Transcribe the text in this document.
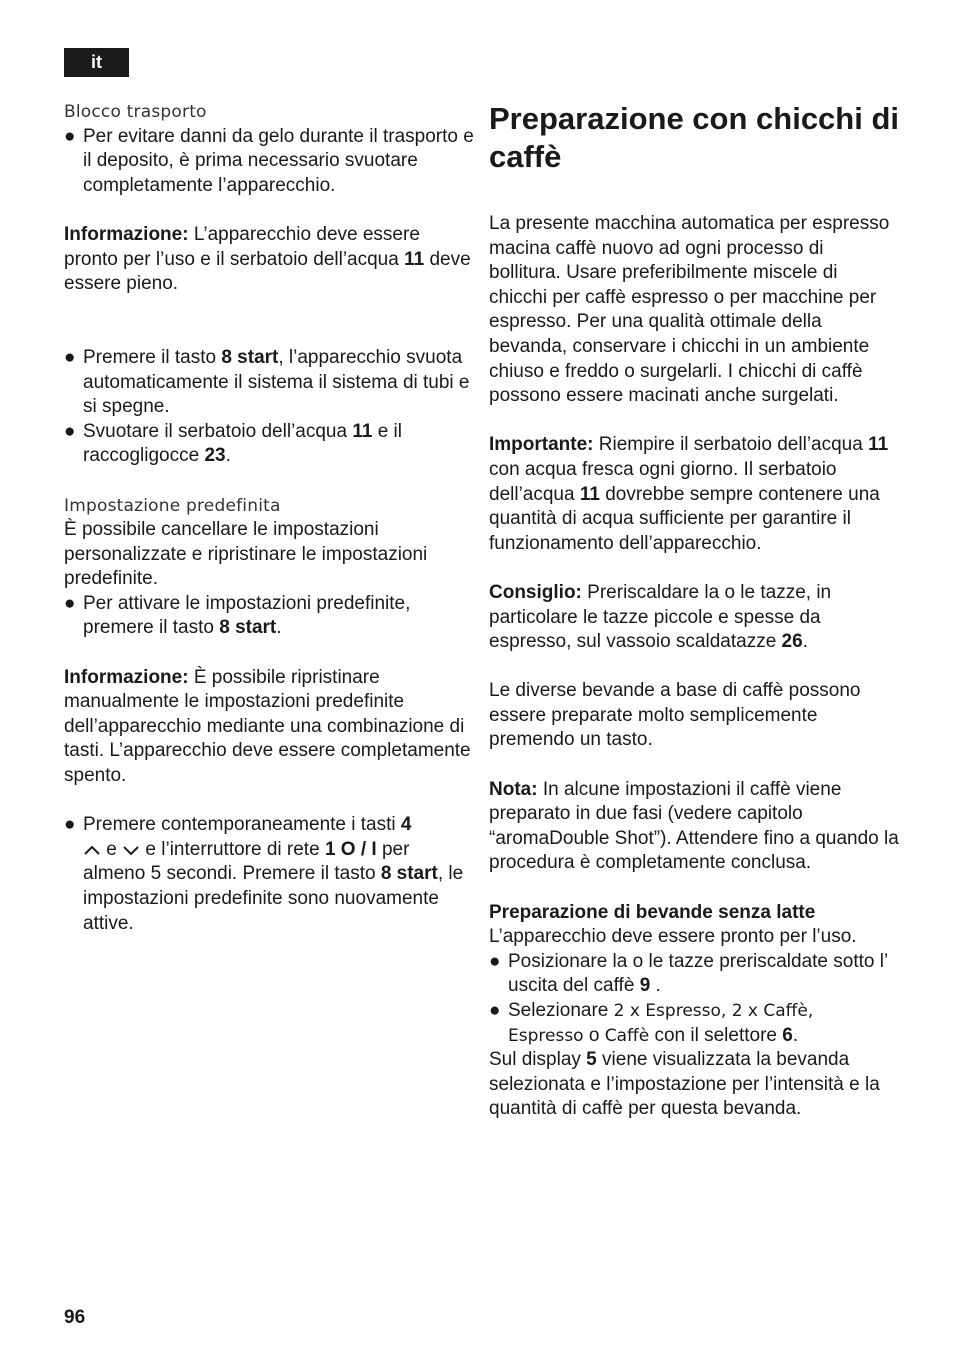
it

Blocco trasporto

● Per evitare danni da gelo durante il trasporto e il deposito, è prima necessario svuotare completamente l’apparecchio.

Informazione: L’apparecchio deve essere pronto per l’uso e il serbatoio dell’acqua 11 deve essere pieno.

● Premere il tasto 8 start, l’apparecchio svuota automaticamente il sistema il sistema di tubi e si spegne.
● Svuotare il serbatoio dell’acqua 11 e il raccogligocce 23.

Impostazione predefinita

È possibile cancellare le impostazioni personalizzate e ripristinare le impostazioni predefinite.

● Per attivare le impostazioni predefinite, premere il tasto 8 start.

Informazione: È possibile ripristinare manualmente le impostazioni predefinite dell’apparecchio mediante una combinazione di tasti. L’apparecchio deve essere completamente spento.

● Premere contemporaneamente i tasti 4
e  e l’interruttore di rete 1 O / I per almeno 5 secondi. Premere il tasto 8 start, le impostazioni predefinite sono nuovamente attive.
Preparazione con chicchi di caffè

La presente macchina automatica per espresso macina caffè nuovo ad ogni processo di bollitura. Usare preferibilmente miscele di chicchi per caffè espresso o per macchine per espresso. Per una qualità ottimale della bevanda, conservare i chicchi in un ambiente chiuso e freddo o surgelarli. I chicchi di caffè possono essere macinati anche surgelati.

Importante: Riempire il serbatoio dell’acqua 11 con acqua fresca ogni giorno. Il serbatoio dell’acqua 11 dovrebbe sempre contenere una quantità di acqua sufficiente per garantire il funzionamento dell’apparecchio.

Consiglio: Preriscaldare la o le tazze, in particolare le tazze piccole e spesse da espresso, sul vassoio scaldatazze 26.

Le diverse bevande a base di caffè possono essere preparate molto semplicemente premendo un tasto.

Nota: In alcune impostazioni il caffè viene preparato in due fasi (vedere capitolo “aromaDouble Shot”). Attendere fino a quando la procedura è completamente conclusa.

Preparazione di bevande senza latte

L’apparecchio deve essere pronto per l’uso.

● Posizionare la o le tazze preriscaldate sotto l’ uscita del caffè 9 .
● Selezionare 2 x Espresso, 2 x Caffè,
Espresso o Caffè con il selettore 6.

Sul display 5 viene visualizzata la bevanda selezionata e l’impostazione per l’intensità e la quantità di caffè per questa bevanda.

96
